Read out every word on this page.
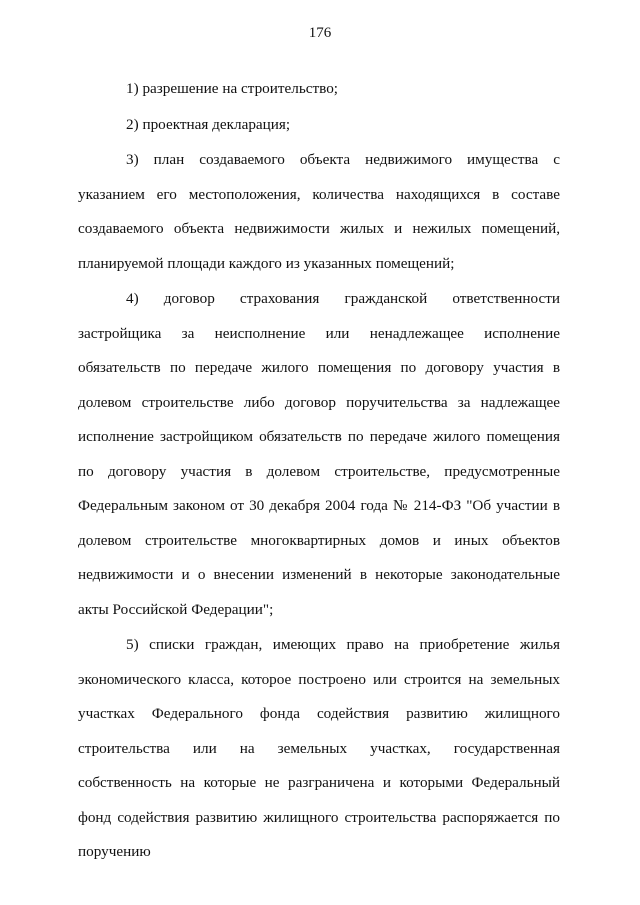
176

1) разрешение на строительство;

2) проектная декларация;

3) план создаваемого объекта недвижимого имущества с указанием его местоположения, количества находящихся в составе создаваемого объекта недвижимости жилых и нежилых помещений, планируемой площади каждого из указанных помещений;

4) договор страхования гражданской ответственности застройщика за неисполнение или ненадлежащее исполнение обязательств по передаче жилого помещения по договору участия в долевом строительстве либо договор поручительства за надлежащее исполнение застройщиком обязательств по передаче жилого помещения по договору участия в долевом строительстве, предусмотренные Федеральным законом от 30 декабря 2004 года № 214-ФЗ "Об участии в долевом строительстве многоквартирных домов и иных объектов недвижимости и о внесении изменений в некоторые законодательные акты Российской Федерации";

5) списки граждан, имеющих право на приобретение жилья экономического класса, которое построено или строится на земельных участках Федерального фонда содействия развитию жилищного строительства или на земельных участках, государственная собственность на которые не разграничена и которыми Федеральный фонд содействия развитию жилищного строительства распоряжается по поручению
